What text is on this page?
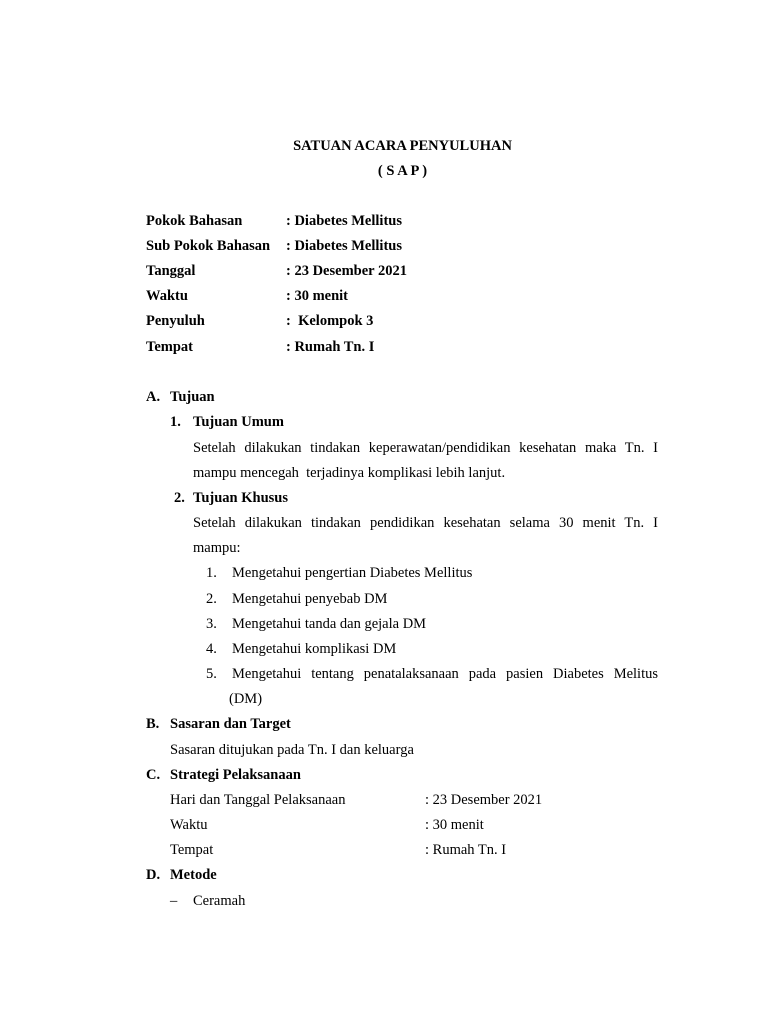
SATUAN ACARA PENYULUHAN
( S A P )
Pokok Bahasan	: Diabetes Mellitus
Sub Pokok Bahasan : Diabetes Mellitus
Tanggal	: 23 Desember 2021
Waktu	: 30 menit
Penyuluh	:  Kelompok 3
Tempat	: Rumah Tn. I
A. Tujuan
1. Tujuan Umum
Setelah dilakukan tindakan keperawatan/pendidikan kesehatan maka Tn. I
mampu mencegah  terjadinya komplikasi lebih lanjut.
2. Tujuan Khusus
Setelah dilakukan tindakan pendidikan kesehatan selama 30 menit Tn. I
mampu:
1. Mengetahui pengertian Diabetes Mellitus
2. Mengetahui penyebab DM
3. Mengetahui tanda dan gejala DM
4. Mengetahui komplikasi DM
5. Mengetahui tentang penatalaksanaan pada pasien Diabetes Melitus
(DM)
B. Sasaran dan Target
Sasaran ditujukan pada Tn. I dan keluarga
C. Strategi Pelaksanaan
Hari dan Tanggal Pelaksanaan	: 23 Desember 2021
Waktu	: 30 menit
Tempat	: Rumah Tn. I
D. Metode
– Ceramah
